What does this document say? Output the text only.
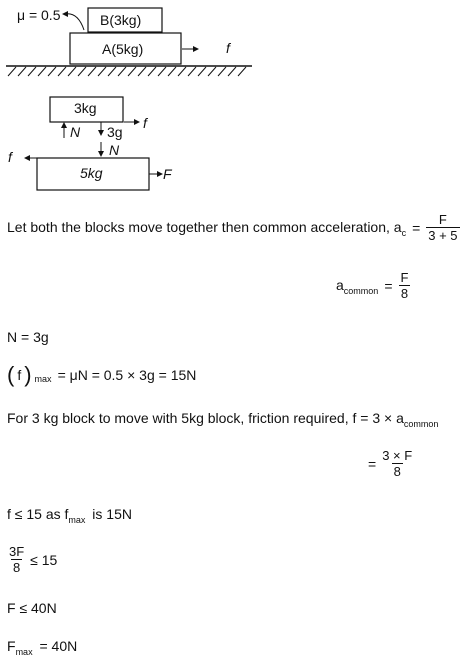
μ = 0.5	B(3kg)
A(5kg)	f
3kg
N 3g
f
N
f
5kg	F
Let both the blocks move together then common acceleration, $a_c = \frac{F}{3 + 5}$
$a_{common} = \frac{F}{8}$
N = 3g
( f ) max = μN = 0.5 × 3g = 15N
For 3 kg block to move with 5kg block, friction required, $f = 3 \times a_{common}$
= $\frac{3 \times F}{8}$
f ≤ 15 as $f_{max}$ is 15N
$\frac{3F}{8} \le 15$
F ≤ 40N
$F_{max} = 40N$
